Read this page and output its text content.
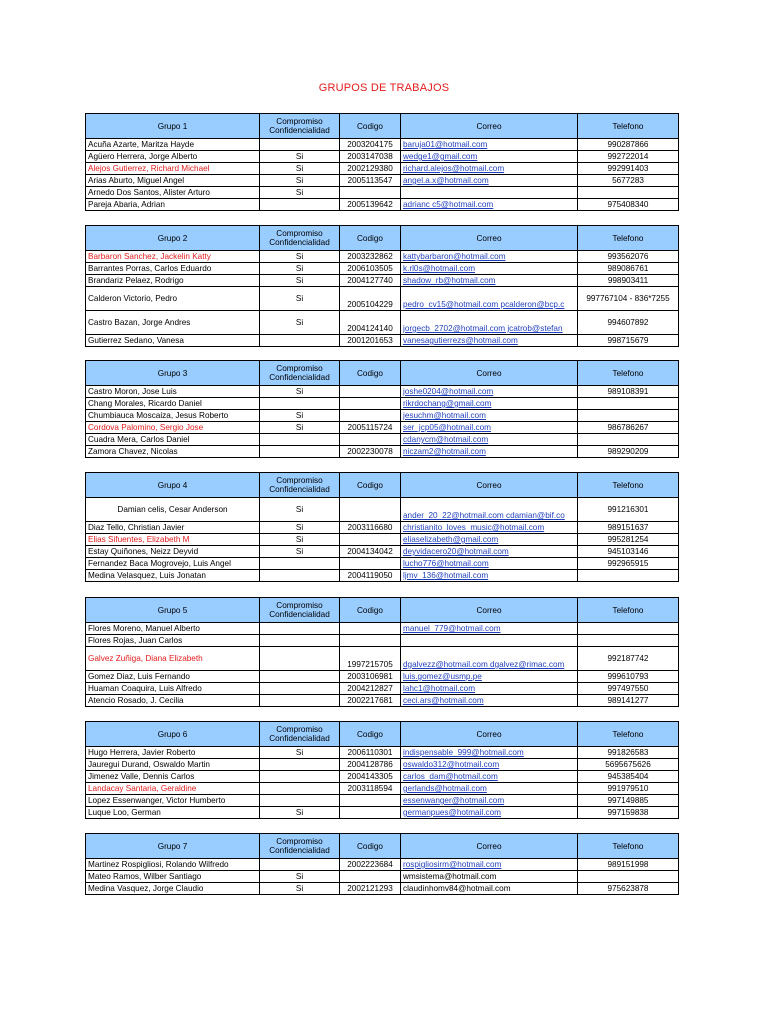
GRUPOS DE TRABAJOS
Grupo 1	Compromiso Confidencialidad	Codigo	Correo	Telefono
Acuña Azarte, Maritza Hayde		2003204175	baruja01@hotmail.com	990287866
Agüero Herrera, Jorge Alberto	Si	2003147038	wedge1@gmail.com	992722014
Alejos Gutierrez, Richard Michael	Si	2002129380	richard.alejos@hotmail.com	992991403
Arias Aburto, Miguel Angel	Si	2005113547	angel.a.x@hotmail.com	5677283
Arnedo Dos Santos, Alister Arturo	Si			
Pareja Abaria, Adrian		2005139642	adrianc c5@hotmail.com	975408340
Grupo 2	Compromiso Confidencialidad	Codigo	Correo	Telefono
Barbaron Sanchez, Jackelin Katty	Si	2003232862	kattybarbaron@hotmail.com	993562076
Barrantes Porras, Carlos Eduardo	Si	2006103505	k.rl0s@hotmail.com	989086761
Brandariz Pelaez, Rodrigo	Si	2004127740	shadow_rb@hotmail.com	998903411
Calderon Victorio, Pedro	Si	2005104229	pedro_cv15@hotmail.com pcalderon@bcp.c	997767104 - 836*7255
Castro Bazan, Jorge Andres	Si	2004124140	jorgecb_2702@hotmail.com jcatrob@stefan	994607892
Gutierrez Sedano, Vanesa		2001201653	vanesagutierrezs@hotmail.com	998715679
Grupo 3	Compromiso Confidencialidad	Codigo	Correo	Telefono
Castro Moron, Jose Luis	Si		joshe0204@hotmail.com	989108391
Chang Morales, Ricardo Daniel			rikrdochang@gmail.com	
Chumbiauca Moscaiza, Jesus Roberto	Si		jesuchm@hotmail.com	
Cordova Palomino, Sergio Jose	Si	2005115724	ser_jcp05@hotmail.com	986786267
Cuadra Mera, Carlos Daniel			cdanycm@hotmail.com	
Zamora Chavez, Nicolas		2002230078	niczam2@hotmail.com	989290209
Grupo 4	Compromiso Confidencialidad	Codigo	Correo	Telefono
Damian celis, Cesar Anderson	Si		ander_20_22@hotmail.com cdamian@bif.co	991216301
Diaz Tello, Christian Javier	Si	2003116680	christianito_loves_music@hotmail.com	989151637
Elias Sifuentes, Elizabeth M	Si		eliaselizabeth@gmail.com	995281254
Estay Quiñones, Neizz Deyvid	Si	2004134042	deyvidacero20@hotmail.com	945103146
Fernandez Baca Mogrovejo, Luis Angel			lucho776@hotmail.com	992965915
Medina Velasquez, Luis Jonatan		2004119050	ljmv_136@hotmail.com	
Grupo 5	Compromiso Confidencialidad	Codigo	Correo	Telefono
Flores Moreno, Manuel Alberto			manuel_779@hotmail.com	
Flores Rojas, Juan Carlos				
Galvez Zuñiga, Diana Elizabeth		1997215705	dgalvezz@hotmail.com dgalvez@rimac.com	992187742
Gomez Diaz, Luis Fernando		2003106981	luis.gomez@usmp.pe	999610793
Huaman Coaquira, Luis Alfredo		2004212827	lahc1@hotmail.com	997497550
Atencio Rosado, J. Cecilia		2002217681	ceci.ars@hotmail.com	989141277
Grupo 6	Compromiso Confidencialidad	Codigo	Correo	Telefono
Hugo Herrera, Javier Roberto	Si	2006110301	indispensable_999@hotmail.com	991826583
Jauregui Durand, Oswaldo Martin		2004128786	oswaldo312@hotmail.com	5695675626
Jimenez Valle, Dennis Carlos		2004143305	carlos_dam@hotmail.com	945385404
Landacay Santaria, Geraldine		2003118594	gerlands@hotmail.com	991979510
Lopez Essenwanger, Victor Humberto			essenwanger@hotmail.com	997149885
Luque Loo, German	Si		germanpues@hotmail.com	997159838
Grupo 7	Compromiso Confidencialidad	Codigo	Correo	Telefono
Martinez Rospigliosi, Rolando Wilfredo		2002223684	rospigliosirm@hotmail.com	989151998
Mateo Ramos, Wilber Santiago	Si		wmsistema@hotmail.com	
Medina Vasquez, Jorge Claudio	Si	2002121293	claudinhomv84@hotmail.com	975623878
